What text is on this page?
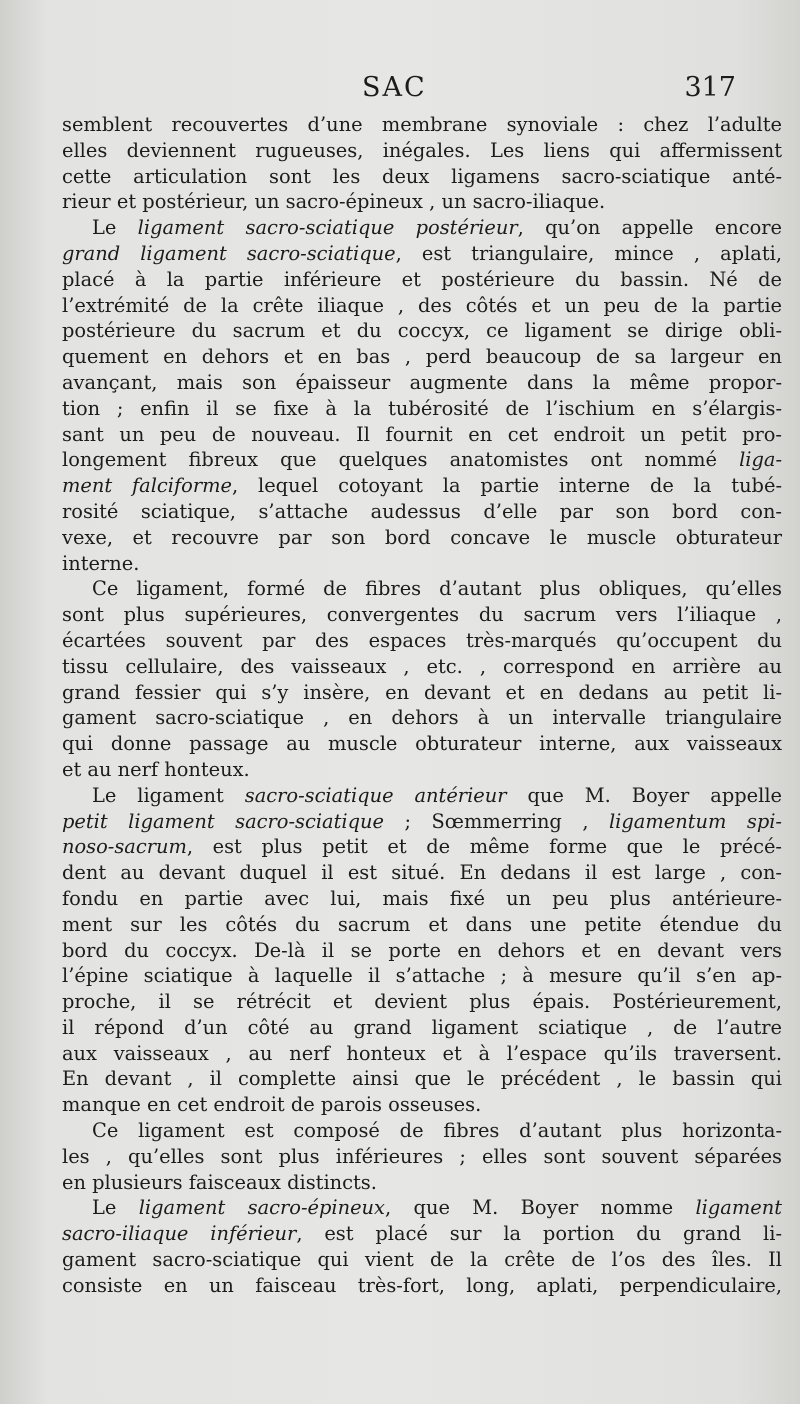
SAC	317
semblent recouvertes d’une membrane synoviale : chez l’adulte
elles deviennent rugueuses, inégales. Les liens qui affermissent
cette articulation sont les deux ligamens sacro-sciatique anté-
rieur et postérieur, un sacro-épineux , un sacro-iliaque.
Le ligament sacro-sciatique postérieur, qu’on appelle encore
grand ligament sacro-sciatique, est triangulaire, mince , aplati,
placé à la partie inférieure et postérieure du bassin. Né de
l’extrémité de la crête iliaque , des côtés et un peu de la partie
postérieure du sacrum et du coccyx, ce ligament se dirige obli-
quement en dehors et en bas , perd beaucoup de sa largeur en
avançant, mais son épaisseur augmente dans la même propor-
tion ; enfin il se fixe à la tubérosité de l’ischium en s’élargis-
sant un peu de nouveau. Il fournit en cet endroit un petit pro-
longement fibreux que quelques anatomistes ont nommé liga-
ment falciforme, lequel cotoyant la partie interne de la tubé-
rosité sciatique, s’attache audessus d’elle par son bord con-
vexe, et recouvre par son bord concave le muscle obturateur
interne.
Ce ligament, formé de fibres d’autant plus obliques, qu’elles
sont plus supérieures, convergentes du sacrum vers l’iliaque ,
écartées souvent par des espaces très-marqués qu’occupent du
tissu cellulaire, des vaisseaux , etc. , correspond en arrière au
grand fessier qui s’y insère, en devant et en dedans au petit li-
gament sacro-sciatique , en dehors à un intervalle triangulaire
qui donne passage au muscle obturateur interne, aux vaisseaux
et au nerf honteux.
Le ligament sacro-sciatique antérieur que M. Boyer appelle
petit ligament sacro-sciatique ; Sœmmerring , ligamentum spi-
noso-sacrum, est plus petit et de même forme que le précé-
dent au devant duquel il est situé. En dedans il est large , con-
fondu en partie avec lui, mais fixé un peu plus antérieure-
ment sur les côtés du sacrum et dans une petite étendue du
bord du coccyx. De-là il se porte en dehors et en devant vers
l’épine sciatique à laquelle il s’attache ; à mesure qu’il s’en ap-
proche, il se rétrécit et devient plus épais. Postérieurement,
il répond d’un côté au grand ligament sciatique , de l’autre
aux vaisseaux , au nerf honteux et à l’espace qu’ils traversent.
En devant , il complette ainsi que le précédent , le bassin qui
manque en cet endroit de parois osseuses.
Ce ligament est composé de fibres d’autant plus horizonta-
les , qu’elles sont plus inférieures ; elles sont souvent séparées
en plusieurs faisceaux distincts.
Le ligament sacro-épineux, que M. Boyer nomme ligament
sacro-iliaque inférieur, est placé sur la portion du grand li-
gament sacro-sciatique qui vient de la crête de l’os des îles. Il
consiste en un faisceau très-fort, long, aplati, perpendiculaire,
